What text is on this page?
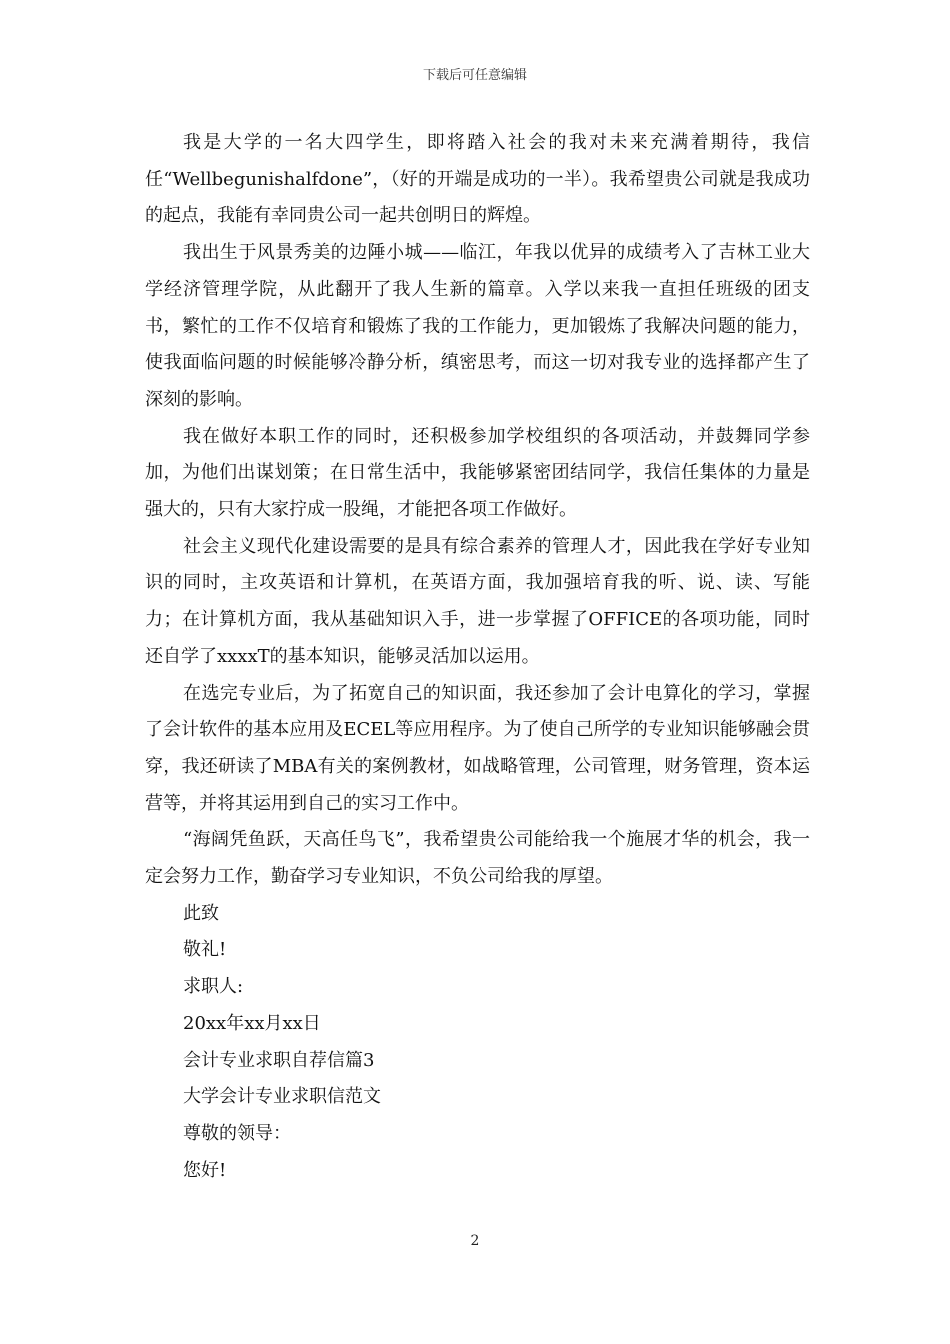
下载后可任意编辑

我是大学的一名大四学生，即将踏入社会的我对未来充满着期待，我信任“Wellbegunishalfdone”，（好的开端是成功的一半）。我希望贵公司就是我成功的起点，我能有幸同贵公司一起共创明日的辉煌。

我出生于风景秀美的边陲小城——临江，年我以优异的成绩考入了吉林工业大学经济管理学院，从此翻开了我人生新的篇章。入学以来我一直担任班级的团支书，繁忙的工作不仅培育和锻炼了我的工作能力，更加锻炼了我解决问题的能力，使我面临问题的时候能够冷静分析，缜密思考，而这一切对我专业的选择都产生了深刻的影响。

我在做好本职工作的同时，还积极参加学校组织的各项活动，并鼓舞同学参加，为他们出谋划策；在日常生活中，我能够紧密团结同学，我信任集体的力量是强大的，只有大家拧成一股绳，才能把各项工作做好。

社会主义现代化建设需要的是具有综合素养的管理人才，因此我在学好专业知识的同时，主攻英语和计算机，在英语方面，我加强培育我的听、说、读、写能力；在计算机方面，我从基础知识入手，进一步掌握了OFFICE的各项功能，同时还自学了xxxxT的基本知识，能够灵活加以运用。

在选完专业后，为了拓宽自己的知识面，我还参加了会计电算化的学习，掌握了会计软件的基本应用及ECEL等应用程序。为了使自己所学的专业知识能够融会贯穿，我还研读了MBA有关的案例教材，如战略管理，公司管理，财务管理，资本运营等，并将其运用到自己的实习工作中。

“海阔凭鱼跃，天高任鸟飞”，我希望贵公司能给我一个施展才华的机会，我一定会努力工作，勤奋学习专业知识，不负公司给我的厚望。

此致

敬礼!

求职人:

20xx年xx月xx日

会计专业求职自荐信篇3

大学会计专业求职信范文

尊敬的领导：

您好!

2
